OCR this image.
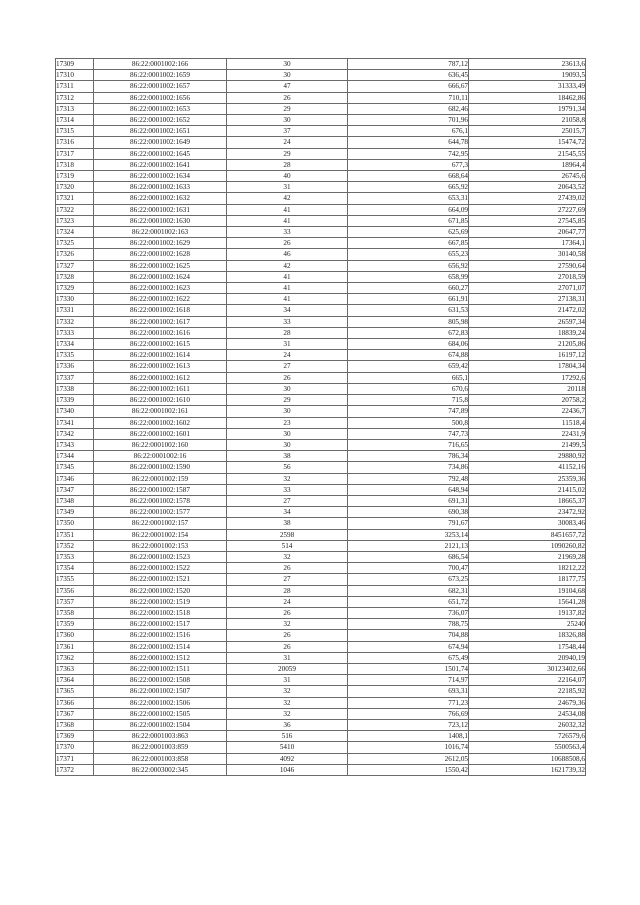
17309	86:22:0001002:166	30	787,12	23613,6
17310	86:22:0001002:1659	30	636,45	19093,5
17311	86:22:0001002:1657	47	666,67	31333,49
17312	86:22:0001002:1656	26	710,11	18462,86
17313	86:22:0001002:1653	29	682,46	19791,34
17314	86:22:0001002:1652	30	701,96	21058,8
17315	86:22:0001002:1651	37	676,1	25015,7
17316	86:22:0001002:1649	24	644,78	15474,72
17317	86:22:0001002:1645	29	742,95	21545,55
17318	86:22:0001002:1641	28	677,3	18964,4
17319	86:22:0001002:1634	40	668,64	26745,6
17320	86:22:0001002:1633	31	665,92	20643,52
17321	86:22:0001002:1632	42	653,31	27439,02
17322	86:22:0001002:1631	41	664,09	27227,69
17323	86:22:0001002:1630	41	671,85	27545,85
17324	86:22:0001002:163	33	625,69	20647,77
17325	86:22:0001002:1629	26	667,85	17364,1
17326	86:22:0001002:1628	46	655,23	30140,58
17327	86:22:0001002:1625	42	656,92	27590,64
17328	86:22:0001002:1624	41	658,99	27018,59
17329	86:22:0001002:1623	41	660,27	27071,07
17330	86:22:0001002:1622	41	661,91	27138,31
17331	86:22:0001002:1618	34	631,53	21472,02
17332	86:22:0001002:1617	33	805,98	26597,34
17333	86:22:0001002:1616	28	672,83	18839,24
17334	86:22:0001002:1615	31	684,06	21205,86
17335	86:22:0001002:1614	24	674,88	16197,12
17336	86:22:0001002:1613	27	659,42	17804,34
17337	86:22:0001002:1612	26	665,1	17292,6
17338	86:22:0001002:1611	30	670,6	20118
17339	86:22:0001002:1610	29	715,8	20758,2
17340	86:22:0001002:161	30	747,89	22436,7
17341	86:22:0001002:1602	23	500,8	11518,4
17342	86:22:0001002:1601	30	747,73	22431,9
17343	86:22:0001002:160	30	716,65	21499,5
17344	86:22:0001002:16	38	786,34	29880,92
17345	86:22:0001002:1590	56	734,86	41152,16
17346	86:22:0001002:159	32	792,48	25359,36
17347	86:22:0001002:1587	33	648,94	21415,02
17348	86:22:0001002:1578	27	691,31	18665,37
17349	86:22:0001002:1577	34	690,38	23472,92
17350	86:22:0001002:157	38	791,67	30083,46
17351	86:22:0001002:154	2598	3253,14	8451657,72
17352	86:22:0001002:153	514	2121,13	1090260,82
17353	86:22:0001002:1523	32	686,54	21969,28
17354	86:22:0001002:1522	26	700,47	18212,22
17355	86:22:0001002:1521	27	673,25	18177,75
17356	86:22:0001002:1520	28	682,31	19104,68
17357	86:22:0001002:1519	24	651,72	15641,28
17358	86:22:0001002:1518	26	736,07	19137,82
17359	86:22:0001002:1517	32	788,75	25240
17360	86:22:0001002:1516	26	704,88	18326,88
17361	86:22:0001002:1514	26	674,94	17548,44
17362	86:22:0001002:1512	31	675,49	20940,19
17363	86:22:0001002:1511	20059	1501,74	30123402,66
17364	86:22:0001002:1508	31	714,97	22164,07
17365	86:22:0001002:1507	32	693,31	22185,92
17366	86:22:0001002:1506	32	771,23	24679,36
17367	86:22:0001002:1505	32	766,69	24534,08
17368	86:22:0001002:1504	36	723,12	26032,32
17369	86:22:0001003:863	516	1408,1	726579,6
17370	86:22:0001003:859	5410	1016,74	5500563,4
17371	86:22:0001003:858	4092	2612,05	10688508,6
17372	86:22:0003002:345	1046	1550,42	1621739,32
